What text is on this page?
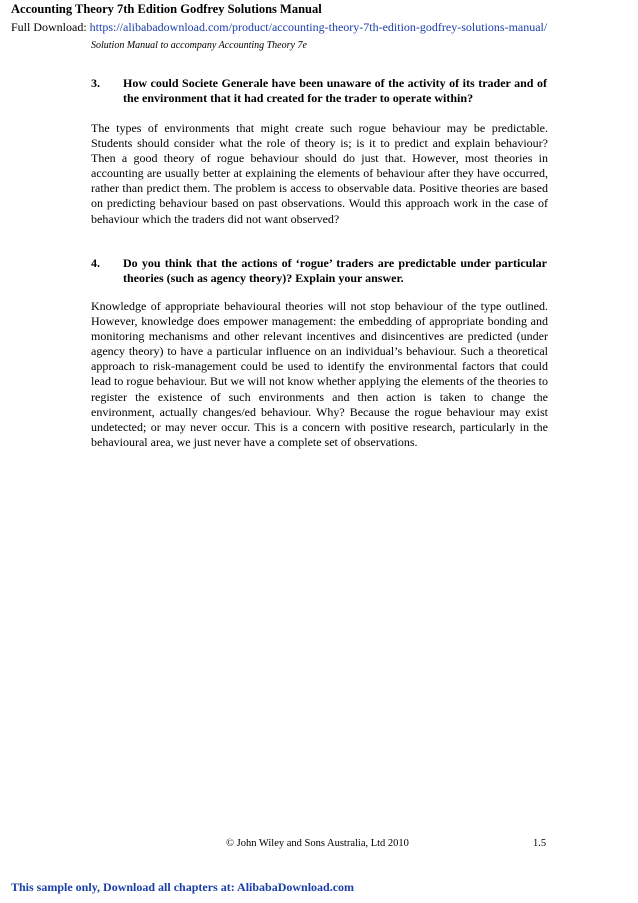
Accounting Theory 7th Edition Godfrey Solutions Manual
Full Download: https://alibabadownload.com/product/accounting-theory-7th-edition-godfrey-solutions-manual/
Solution Manual to accompany Accounting Theory 7e
3. How could Societe Generale have been unaware of the activity of its trader and of the environment that it had created for the trader to operate within?
The types of environments that might create such rogue behaviour may be predictable. Students should consider what the role of theory is; is it to predict and explain behaviour? Then a good theory of rogue behaviour should do just that. However, most theories in accounting are usually better at explaining the elements of behaviour after they have occurred, rather than predict them. The problem is access to observable data. Positive theories are based on predicting behaviour based on past observations. Would this approach work in the case of behaviour which the traders did not want observed?
4. Do you think that the actions of ‘rogue’ traders are predictable under particular theories (such as agency theory)? Explain your answer.
Knowledge of appropriate behavioural theories will not stop behaviour of the type outlined. However, knowledge does empower management: the embedding of appropriate bonding and monitoring mechanisms and other relevant incentives and disincentives are predicted (under agency theory) to have a particular influence on an individual’s behaviour. Such a theoretical approach to risk-management could be used to identify the environmental factors that could lead to rogue behaviour. But we will not know whether applying the elements of the theories to register the existence of such environments and then action is taken to change the environment, actually changes/ed behaviour. Why? Because the rogue behaviour may exist undetected; or may never occur. This is a concern with positive research, particularly in the behavioural area, we just never have a complete set of observations.
© John Wiley and Sons Australia, Ltd 2010	1.5
This sample only, Download all chapters at: AlibabaDownload.com
